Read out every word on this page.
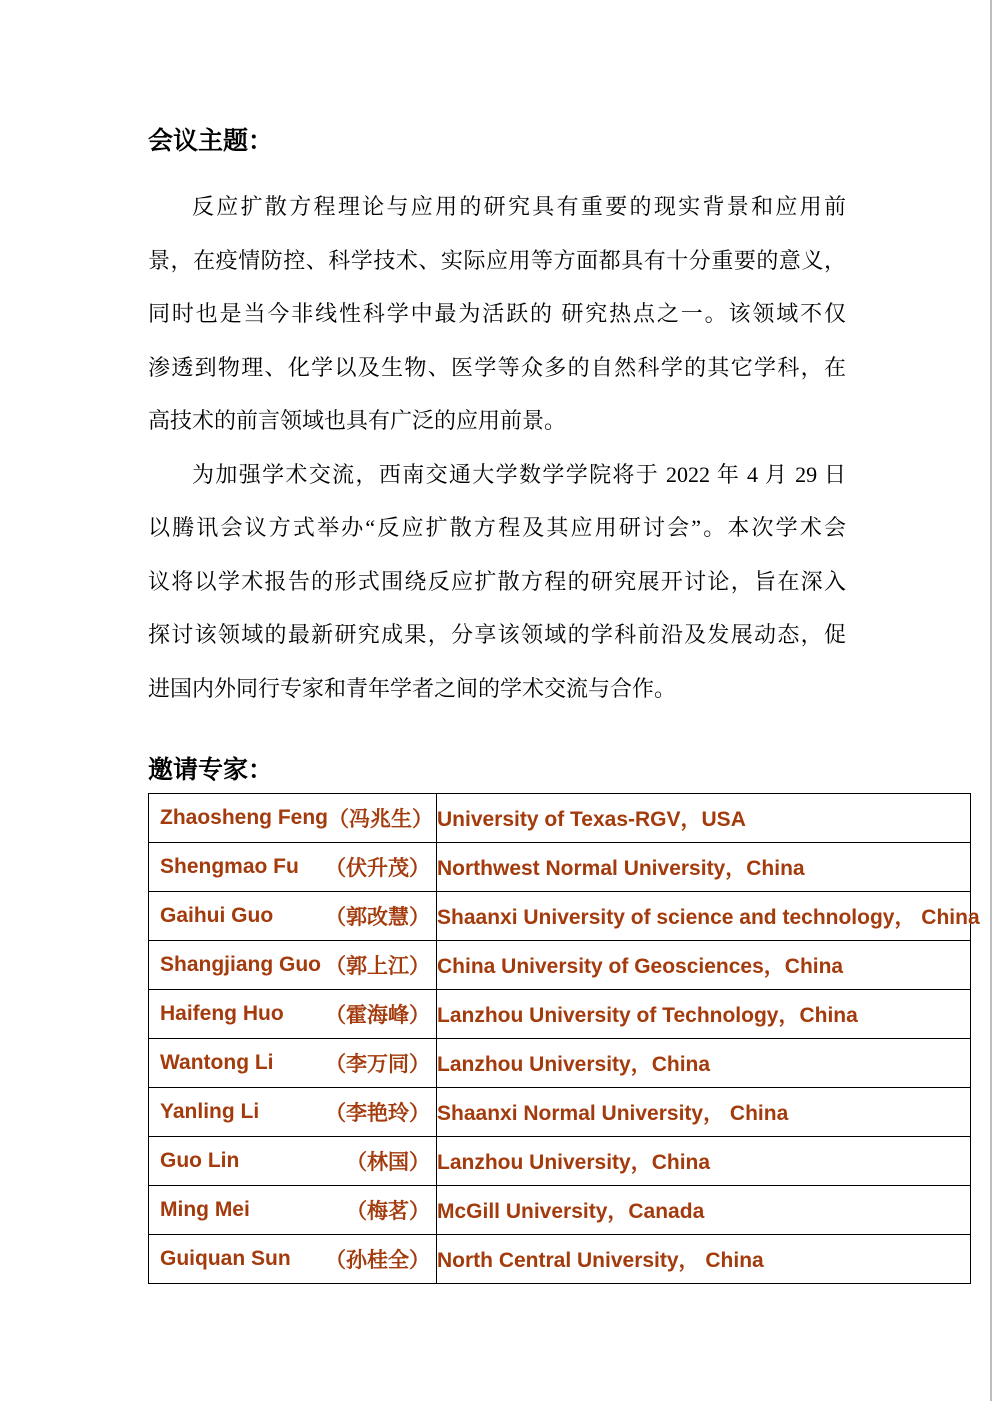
会议主题：
反应扩散方程理论与应用的研究具有重要的现实背景和应用前
景，在疫情防控、科学技术、实际应用等方面都具有十分重要的意义，
同时也是当今非线性科学中最为活跃的 研究热点之一。该领域不仅
渗透到物理、化学以及生物、医学等众多的自然科学的其它学科，在
高技术的前言领域也具有广泛的应用前景。
为加强学术交流，西南交通大学数学学院将于 2022 年 4 月 29 日
以腾讯会议方式举办“反应扩散方程及其应用研讨会”。本次学术会
议将以学术报告的形式围绕反应扩散方程的研究展开讨论，旨在深入
探讨该领域的最新研究成果，分享该领域的学科前沿及发展动态，促
进国内外同行专家和青年学者之间的学术交流与合作。
邀请专家：
Zhaosheng Feng （冯兆生）	University of Texas-RGV，USA

Shengmao Fu （伏升茂）	Northwest Normal University，China

Gaihui Guo （郭改慧）	Shaanxi University of science and technology， China

Shangjiang Guo （郭上江）	China University of Geosciences，China

Haifeng Huo （霍海峰）	Lanzhou University of Technology，China

Wantong Li （李万同）	Lanzhou University，China

Yanling Li （李艳玲）	Shaanxi Normal University， China

Guo Lin （林国）	Lanzhou University，China

Ming Mei （梅茗）	McGill University，Canada

Guiquan Sun （孙桂全）	North Central University， China
